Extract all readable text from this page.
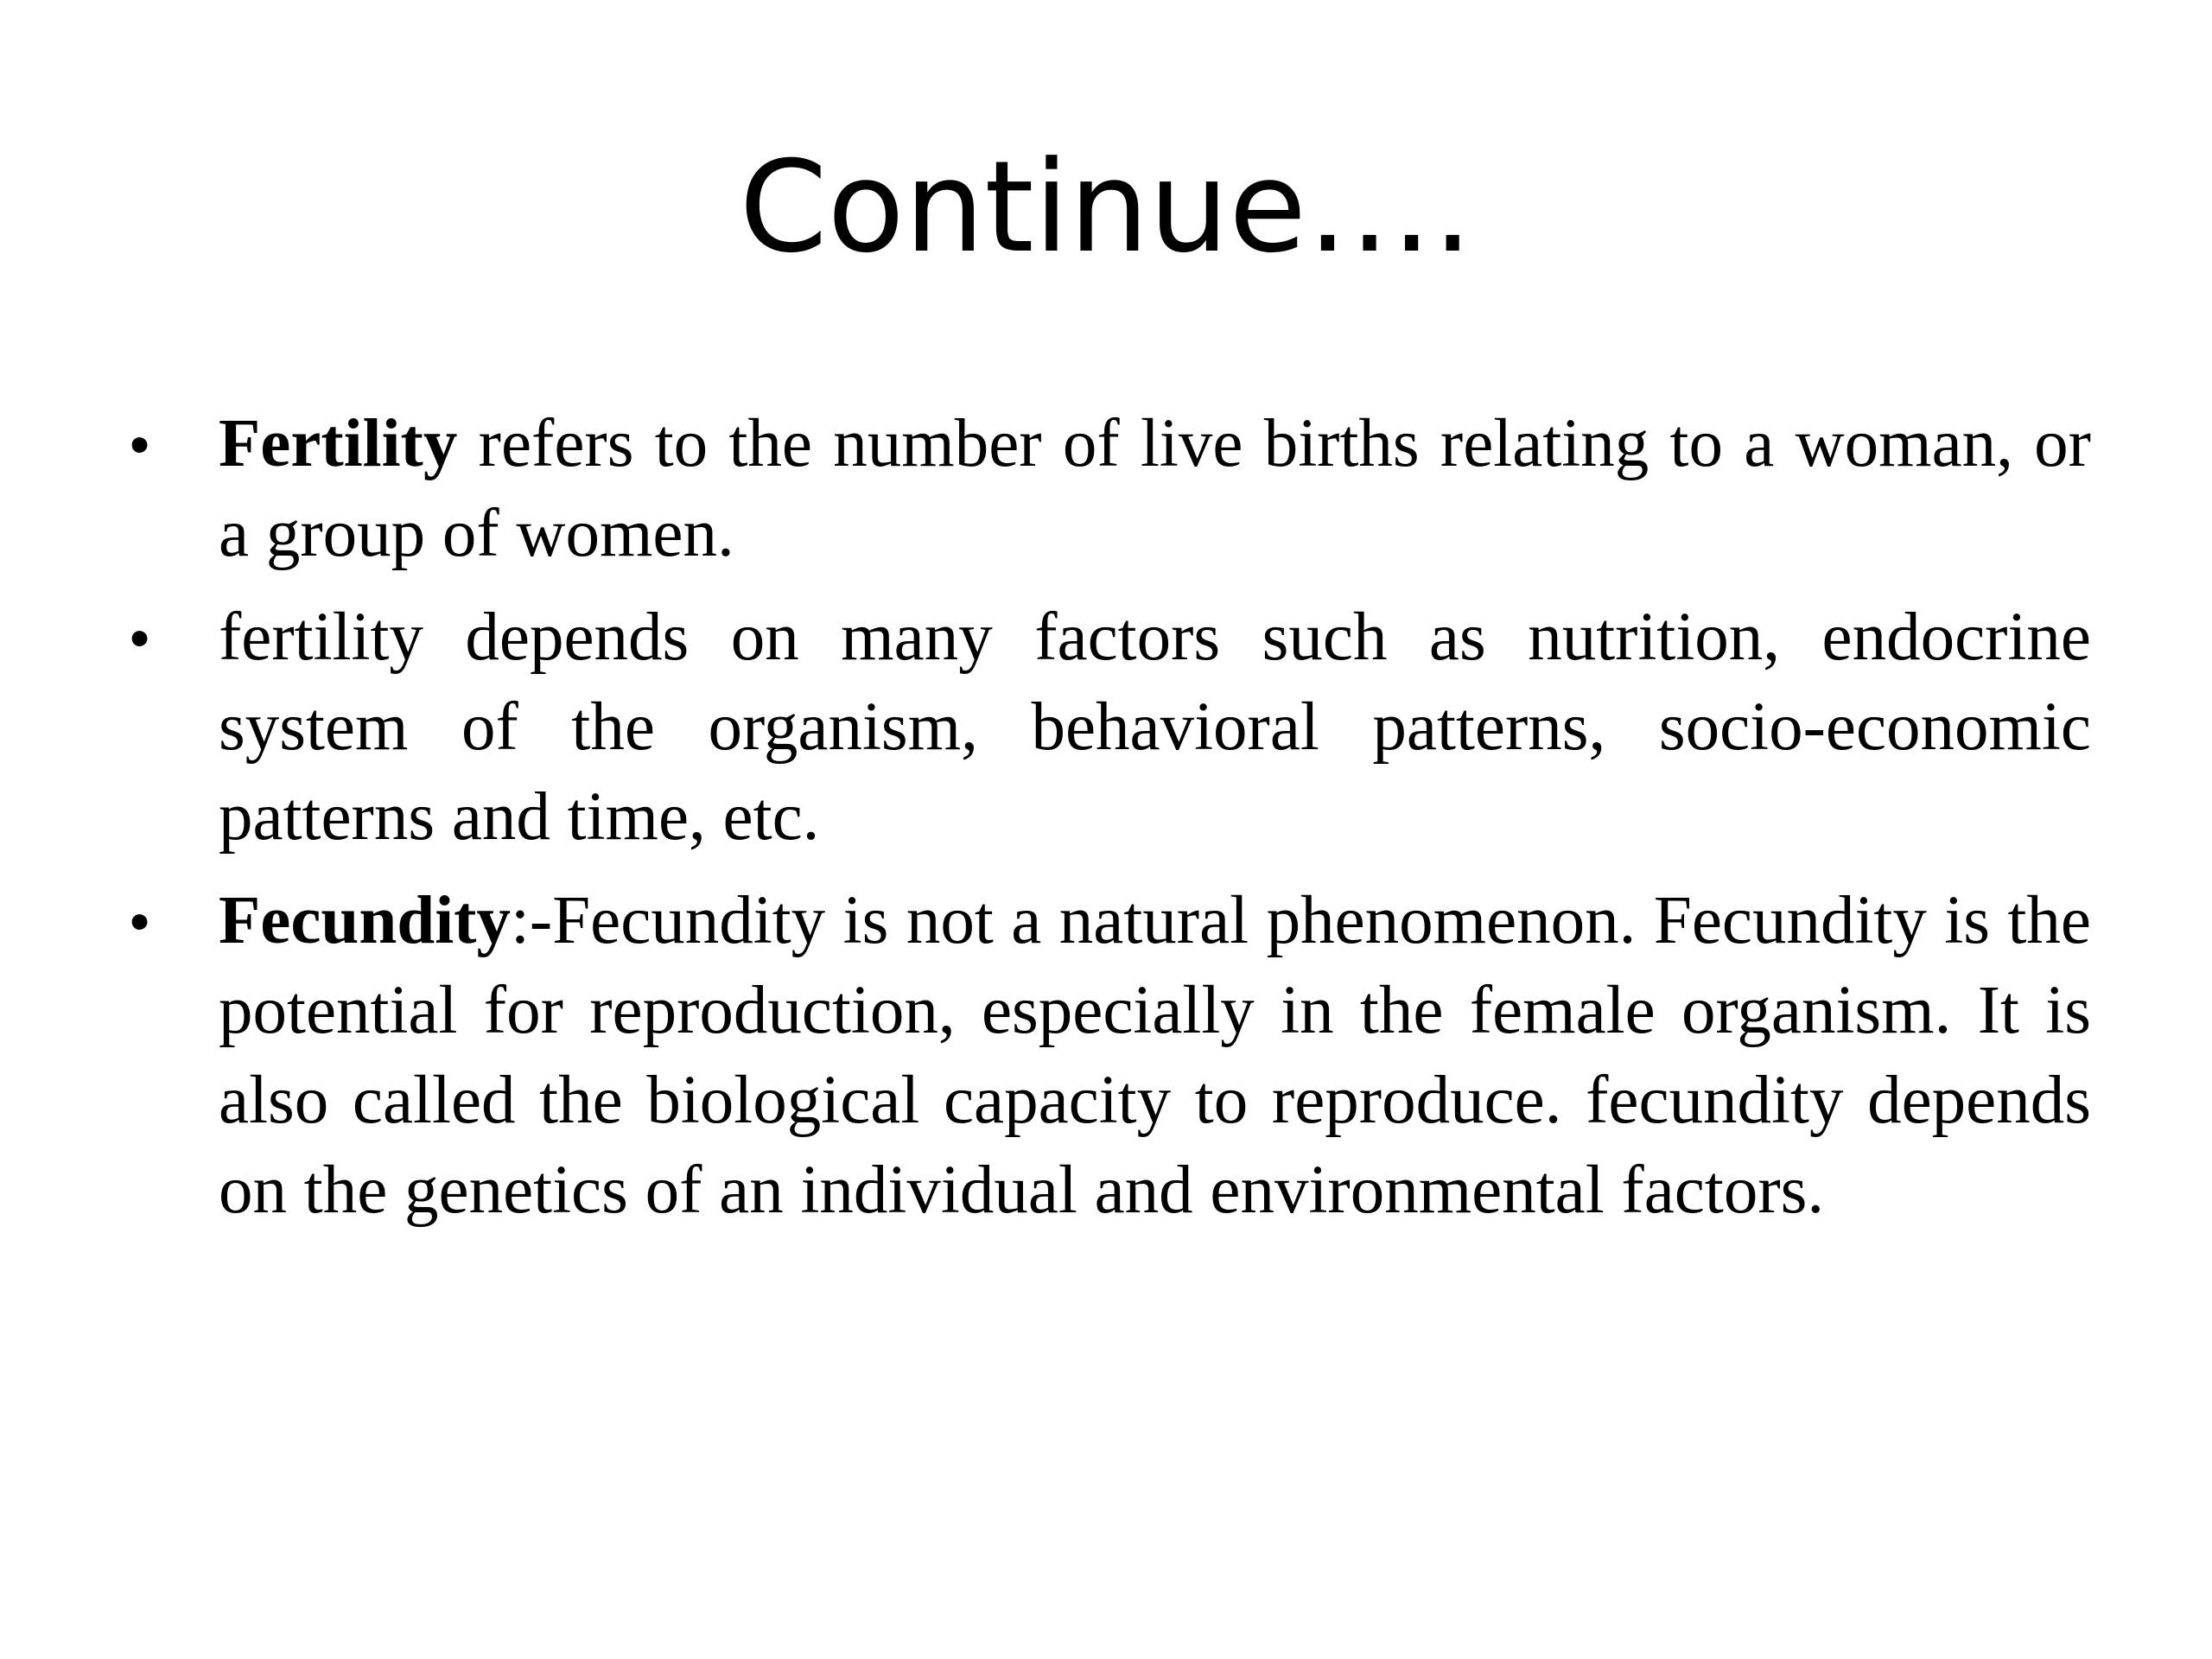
Continue….
•	Fertility refers to the number of live births relating to a woman, or a group of women.
•	fertility depends on many factors such as nutrition, endocrine system of the organism, behavioral patterns, socio-economic patterns and time, etc.
•	Fecundity:-Fecundity is not a natural phenomenon. Fecundity is the potential for reproduction, especially in the female organism. It is also called the biological capacity to reproduce. fecundity depends on the genetics of an individual and environmental factors.
